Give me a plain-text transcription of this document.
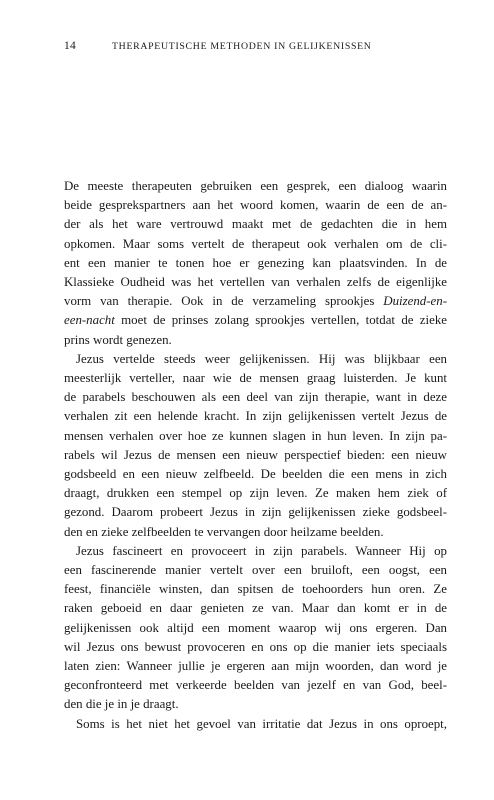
14	THERAPEUTISCHE METHODEN IN GELIJKENISSEN
De meeste therapeuten gebruiken een gesprek, een dialoog waarin
beide gesprekspartners aan het woord komen, waarin de een de an-
der als het ware vertrouwd maakt met de gedachten die in hem
opkomen. Maar soms vertelt de therapeut ook verhalen om de cli-
ent een manier te tonen hoe er genezing kan plaatsvinden. In de
Klassieke Oudheid was het vertellen van verhalen zelfs de eigenlijke
vorm van therapie. Ook in de verzameling sprookjes Duizend-en-
een-nacht moet de prinses zolang sprookjes vertellen, totdat de zieke
prins wordt genezen.
Jezus vertelde steeds weer gelijkenissen. Hij was blijkbaar een
meesterlijk verteller, naar wie de mensen graag luisterden. Je kunt
de parabels beschouwen als een deel van zijn therapie, want in deze
verhalen zit een helende kracht. In zijn gelijkenissen vertelt Jezus de
mensen verhalen over hoe ze kunnen slagen in hun leven. In zijn pa-
rabels wil Jezus de mensen een nieuw perspectief bieden: een nieuw
godsbeeld en een nieuw zelfbeeld. De beelden die een mens in zich
draagt, drukken een stempel op zijn leven. Ze maken hem ziek of
gezond. Daarom probeert Jezus in zijn gelijkenissen zieke godsbeel-
den en zieke zelfbeelden te vervangen door heilzame beelden.
Jezus fascineert en provoceert in zijn parabels. Wanneer Hij op
een fascinerende manier vertelt over een bruiloft, een oogst, een
feest, financiële winsten, dan spitsen de toehoorders hun oren. Ze
raken geboeid en daar genieten ze van. Maar dan komt er in de
gelijkenissen ook altijd een moment waarop wij ons ergeren. Dan
wil Jezus ons bewust provoceren en ons op die manier iets speciaals
laten zien: Wanneer jullie je ergeren aan mijn woorden, dan word je
geconfronteerd met verkeerde beelden van jezelf en van God, beel-
den die je in je draagt.
Soms is het niet het gevoel van irritatie dat Jezus in ons oproept,
